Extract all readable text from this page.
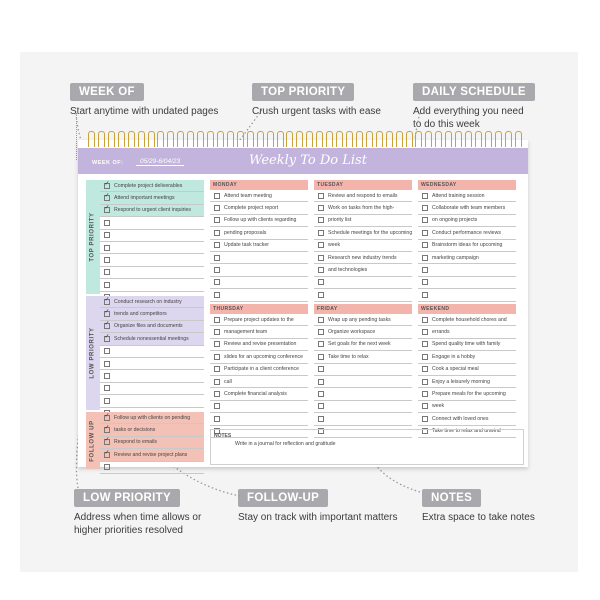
WEEK OF
Start anytime with undated pages
TOP PRIORITY
Crush urgent tasks with ease
DAILY SCHEDULE
Add everything you need
to do this week
LOW PRIORITY
Address when time allows or
higher priorities resolved
FOLLOW-UP
Stay on track with important matters
NOTES
Extra space to take notes
WEEK OF:	05/29-6/04/23	Weekly To Do List
TOP PRIORITY
✓
Complete project deliverables
✓
Attend important meetings
✓
Respond to urgent client inquiries
LOW PRIORITY
✓
Conduct research on industry
✓
trends and competitors
✓
Organize files and documents
✓
Schedule nonessential meetings
FOLLOW UP
✓
Follow up with clients on pending
✓
tasks or decisions
✓
Respond to emails
✓
Review and revise project plans
MONDAY
Attend team meeting
Complete project report
Follow up with clients regarding
pending proposals
Update task tracker
TUESDAY
Review and respond to emails
Work on tasks from the high-
priority list
Schedule meetings for the upcoming
week
Research new industry trends
and technologies
WEDNESDAY
Attend training session
Collaborate with team members
on ongoing projects
Conduct performance reviews
Brainstorm ideas for upcoming
marketing campaign
THURSDAY
Prepare project updates to the
management team
Review and revise presentation
slides for an upcoming conference
Participate in a client conference
call
Complete financial analysis
FRIDAY
Wrap up any pending tasks
Organize workspace
Set goals for the next week
Take time to relax
WEEKEND
Complete household chores and
errands
Spend quality time with family
Engage in a hobby
Cook a special meal
Enjoy a leisurely morning
Prepare meals for the upcoming
week
Connect with loved ones
Take time to relax and unwind
NOTES
Write in a journal for reflection and gratitude
